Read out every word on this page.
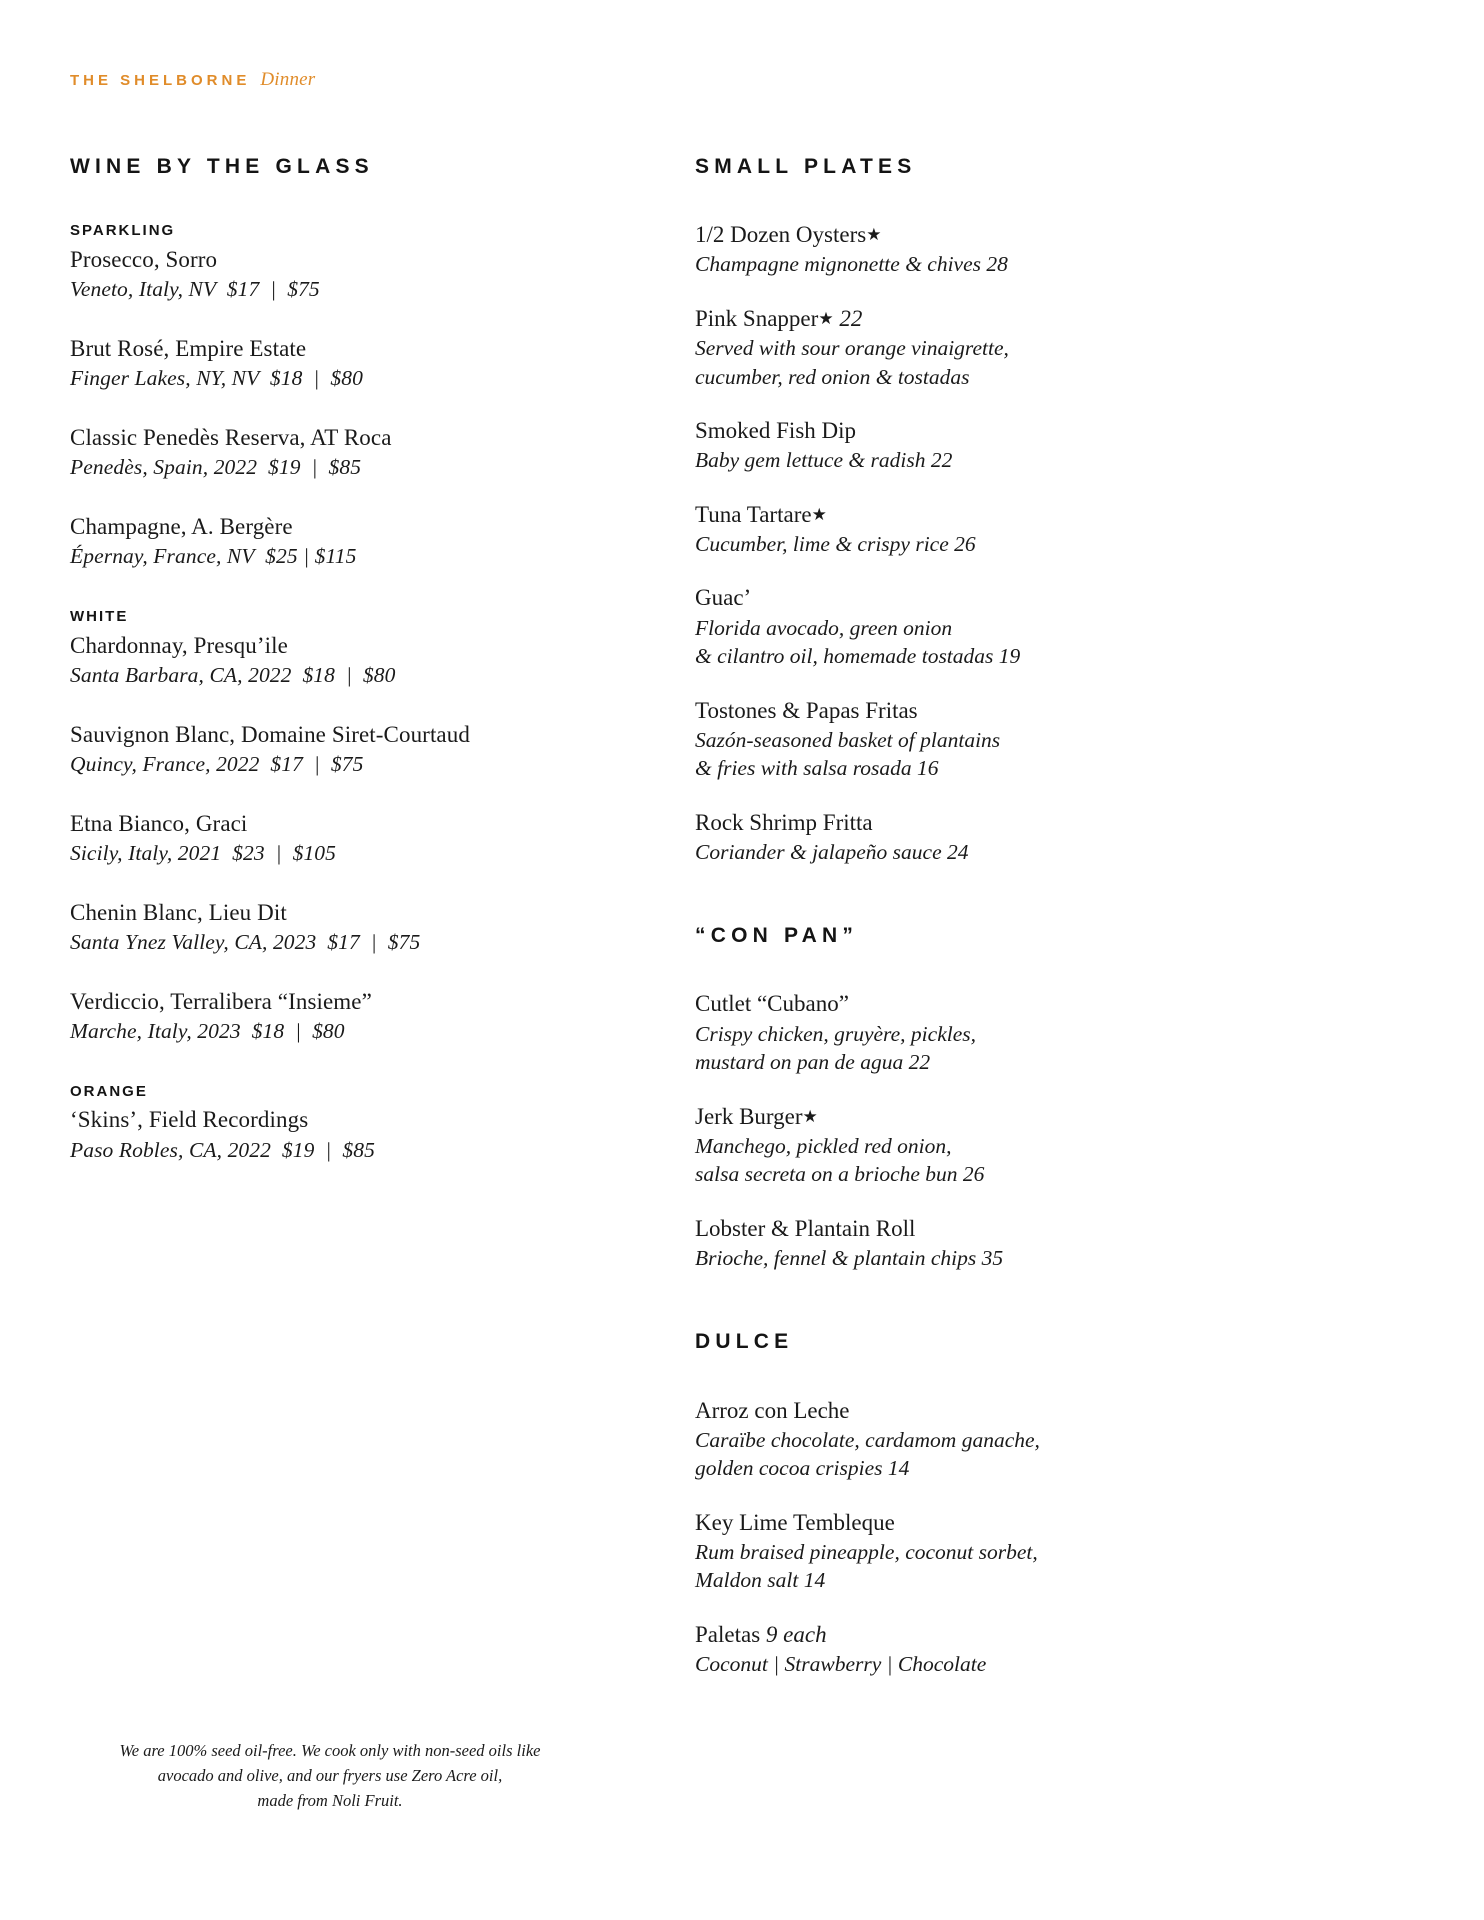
THE SHELBORNE Dinner
WINE BY THE GLASS
SPARKLING
Prosecco, Sorro
Veneto, Italy, NV  $17  |  $75
Brut Rosé, Empire Estate
Finger Lakes, NY, NV  $18  |  $80
Classic Penedès Reserva, AT Roca
Penedès, Spain, 2022  $19  |  $85
Champagne, A. Bergère
Épernay, France, NV  $25 | $115
WHITE
Chardonnay, Presqu’ile
Santa Barbara, CA, 2022  $18  |  $80
Sauvignon Blanc, Domaine Siret-Courtaud
Quincy, France, 2022  $17  |  $75
Etna Bianco, Graci
Sicily, Italy, 2021  $23  |  $105
Chenin Blanc, Lieu Dit
Santa Ynez Valley, CA, 2023  $17  |  $75
Verdiccio, Terralibera “Insieme”
Marche, Italy, 2023  $18  |  $80
ORANGE
‘Skins’, Field Recordings
Paso Robles, CA, 2022  $19  |  $85
SMALL PLATES
1/2 Dozen Oysters★
Champagne mignonette & chives 28
Pink Snapper★ 22
Served with sour orange vinaigrette,
cucumber, red onion & tostadas
Smoked Fish Dip
Baby gem lettuce & radish 22
Tuna Tartare★
Cucumber, lime & crispy rice 26
Guac’
Florida avocado, green onion
& cilantro oil, homemade tostadas 19
Tostones & Papas Fritas
Sazón-seasoned basket of plantains
& fries with salsa rosada 16
Rock Shrimp Fritta
Coriander & jalapeño sauce 24
“CON PAN”
Cutlet “Cubano”
Crispy chicken, gruyère, pickles,
mustard on pan de agua 22
Jerk Burger★
Manchego, pickled red onion,
salsa secreta on a brioche bun 26
Lobster & Plantain Roll
Brioche, fennel & plantain chips 35
DULCE
Arroz con Leche
Caraïbe chocolate, cardamom ganache,
golden cocoa crispies 14
Key Lime Tembleque
Rum braised pineapple, coconut sorbet,
Maldon salt 14
Paletas 9 each
Coconut | Strawberry | Chocolate
We are 100% seed oil-free. We cook only with non-seed oils like
avocado and olive, and our fryers use Zero Acre oil,
made from Noli Fruit.
